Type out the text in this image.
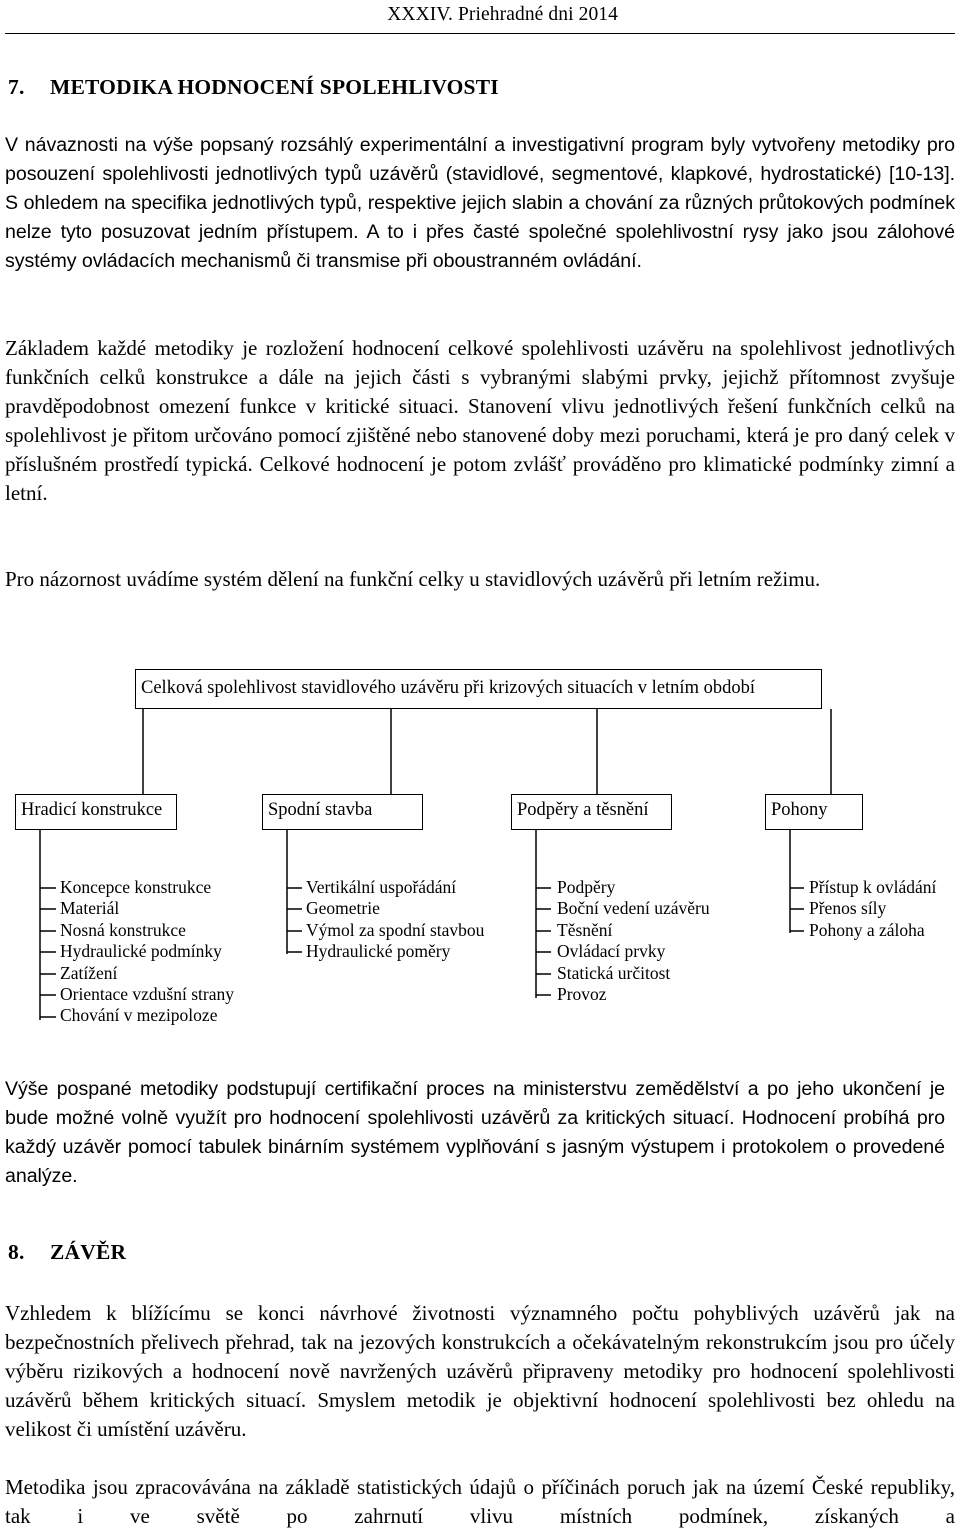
XXXIV. Priehradné dni 2014
7. METODIKA HODNOCENÍ SPOLEHLIVOSTI

V návaznosti na výše popsaný rozsáhlý experimentální a investigativní program byly vytvořeny metodiky pro posouzení spolehlivosti jednotlivých typů uzávěrů (stavidlové, segmentové, klapkové, hydrostatické) [10-13]. S ohledem na specifika jednotlivých typů, respektive jejich slabin a chování za různých průtokových podmínek nelze tyto posuzovat jedním přístupem. A to i přes časté společné spolehlivostní rysy jako jsou zálohové systémy ovládacích mechanismů či transmise při oboustranném ovládání.

Základem každé metodiky je rozložení hodnocení celkové spolehlivosti uzávěru na spolehlivost jednotlivých funkčních celků konstrukce a dále na jejich části s vybranými slabými prvky, jejichž přítomnost zvyšuje pravděpodobnost omezení funkce v kritické situaci. Stanovení vlivu jednotlivých řešení funkčních celků na spolehlivost je přitom určováno pomocí zjištěné nebo stanovené doby mezi poruchami, která je pro daný celek v příslušném prostředí typická. Celkové hodnocení je potom zvlášť prováděno pro klimatické podmínky zimní a letní.

Pro názornost uvádíme systém dělení na funkční celky u stavidlových uzávěrů při letním režimu.

Celková spolehlivost stavidlového uzávěru při krizových situacích v letním období
Hradicí konstrukce	Spodní stavba	Podpěry a těsnění	Pohony
Koncepce konstrukce
Materiál
Nosná konstrukce
Hydraulické podmínky
Zatížení
Orientace vzdušní strany
Chování v mezipoloze
Vertikální uspořádání
Geometrie
Výmol za spodní stavbou
Hydraulické poměry
Podpěry
Boční vedení uzávěru
Těsnění
Ovládací prvky
Statická určitost
Provoz
Přístup k ovládání
Přenos síly
Pohony a záloha

Výše pospané metodiky podstupují certifikační proces na ministerstvu zemědělství a po jeho ukončení je bude možné volně využít pro hodnocení spolehlivosti uzávěrů za kritických situací. Hodnocení probíhá pro každý uzávěr pomocí tabulek binárním systémem vyplňování s jasným výstupem i protokolem o provedené analýze.

8. ZÁVĚR

Vzhledem k blížícímu se konci návrhové životnosti významného počtu pohyblivých uzávěrů jak na bezpečnostních přelivech přehrad, tak na jezových konstrukcích a očekávatelným rekonstrukcím jsou pro účely výběru rizikových a hodnocení nově navržených uzávěrů připraveny metodiky pro hodnocení spolehlivosti uzávěrů během kritických situací. Smyslem metodik je objektivní hodnocení spolehlivosti bez ohledu na velikost či umístění uzávěru.

Metodika jsou zpracovávána na základě statistických údajů o příčinách poruch jak na území České republiky, tak i ve světě po zahrnutí vlivu místních podmínek, získaných a
